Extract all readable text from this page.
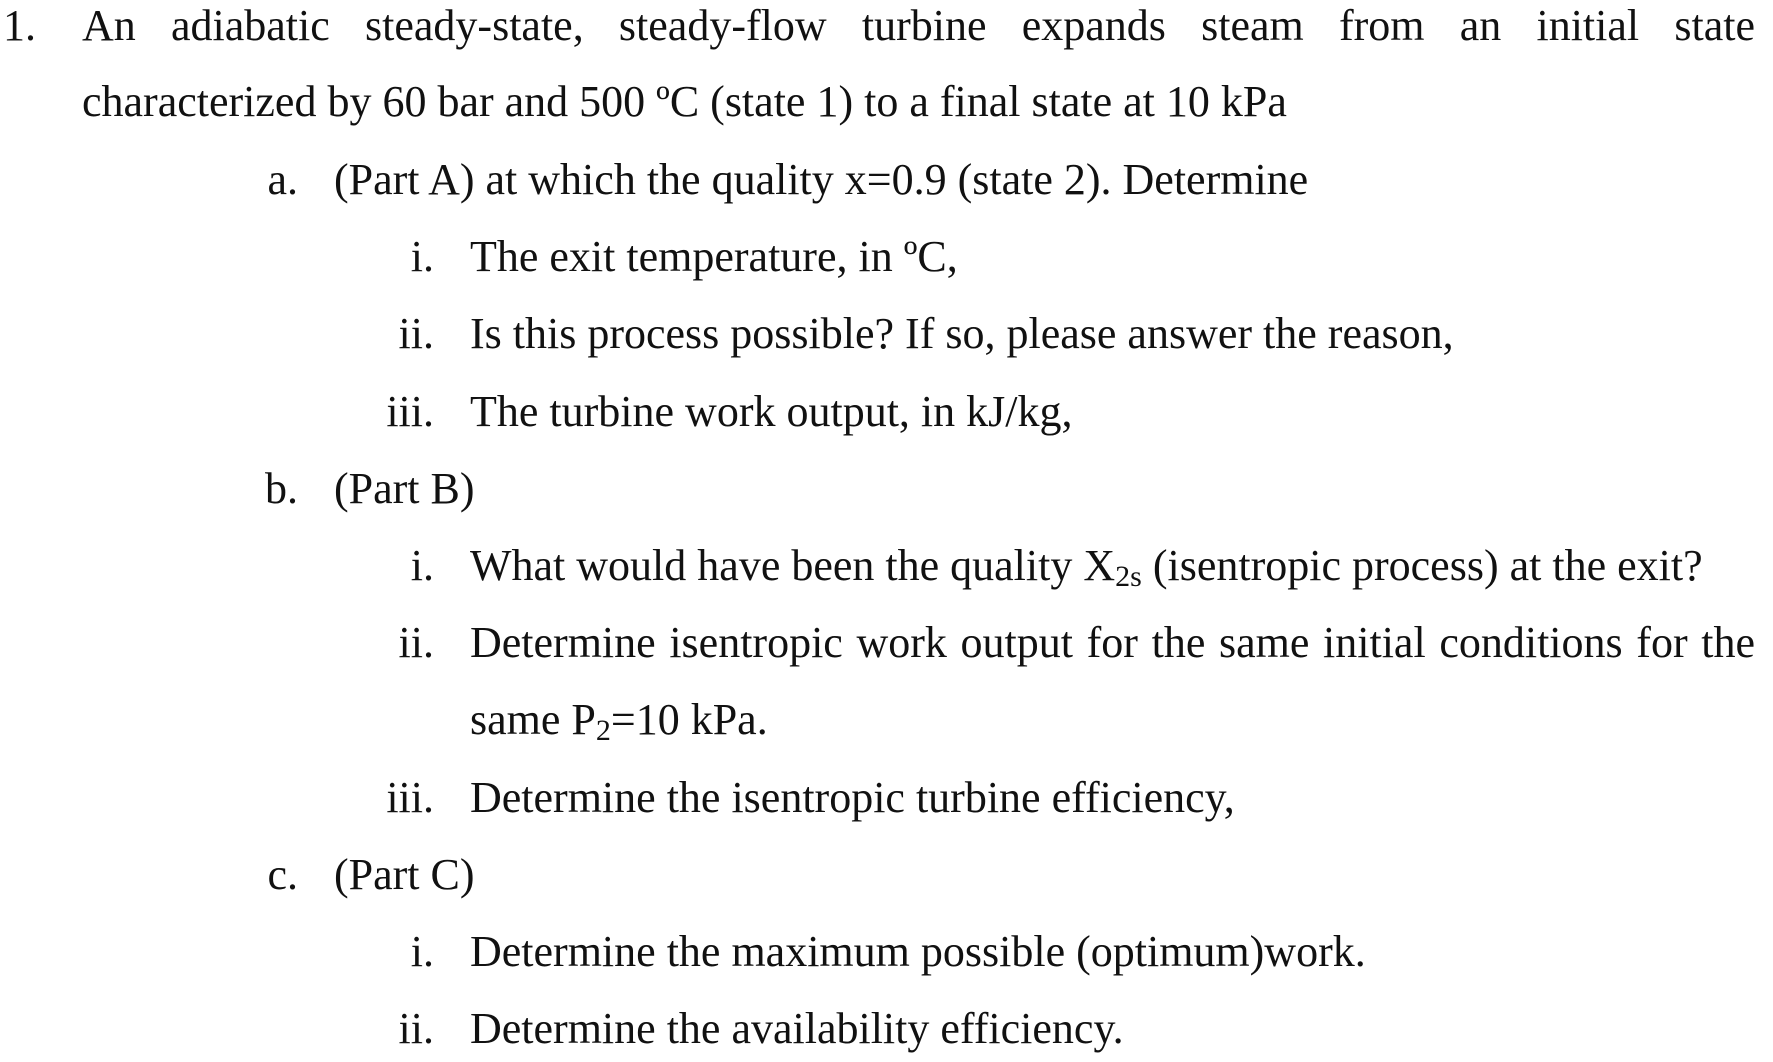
1. An adiabatic steady-state, steady-flow turbine expands steam from an initial state
characterized by 60 bar and 500 ºC (state 1) to a final state at 10 kPa
a. (Part A) at which the quality x=0.9 (state 2). Determine
i. The exit temperature, in ºC,
ii. Is this process possible? If so, please answer the reason,
iii. The turbine work output, in kJ/kg,
b. (Part B)
i. What would have been the quality $X_{2s}$ (isentropic process) at the exit?
ii. Determine isentropic work output for the same initial conditions for the
same $P_2=10$ kPa.
iii. Determine the isentropic turbine efficiency,
c. (Part C)
i. Determine the maximum possible (optimum)work.
ii. Determine the availability efficiency.
